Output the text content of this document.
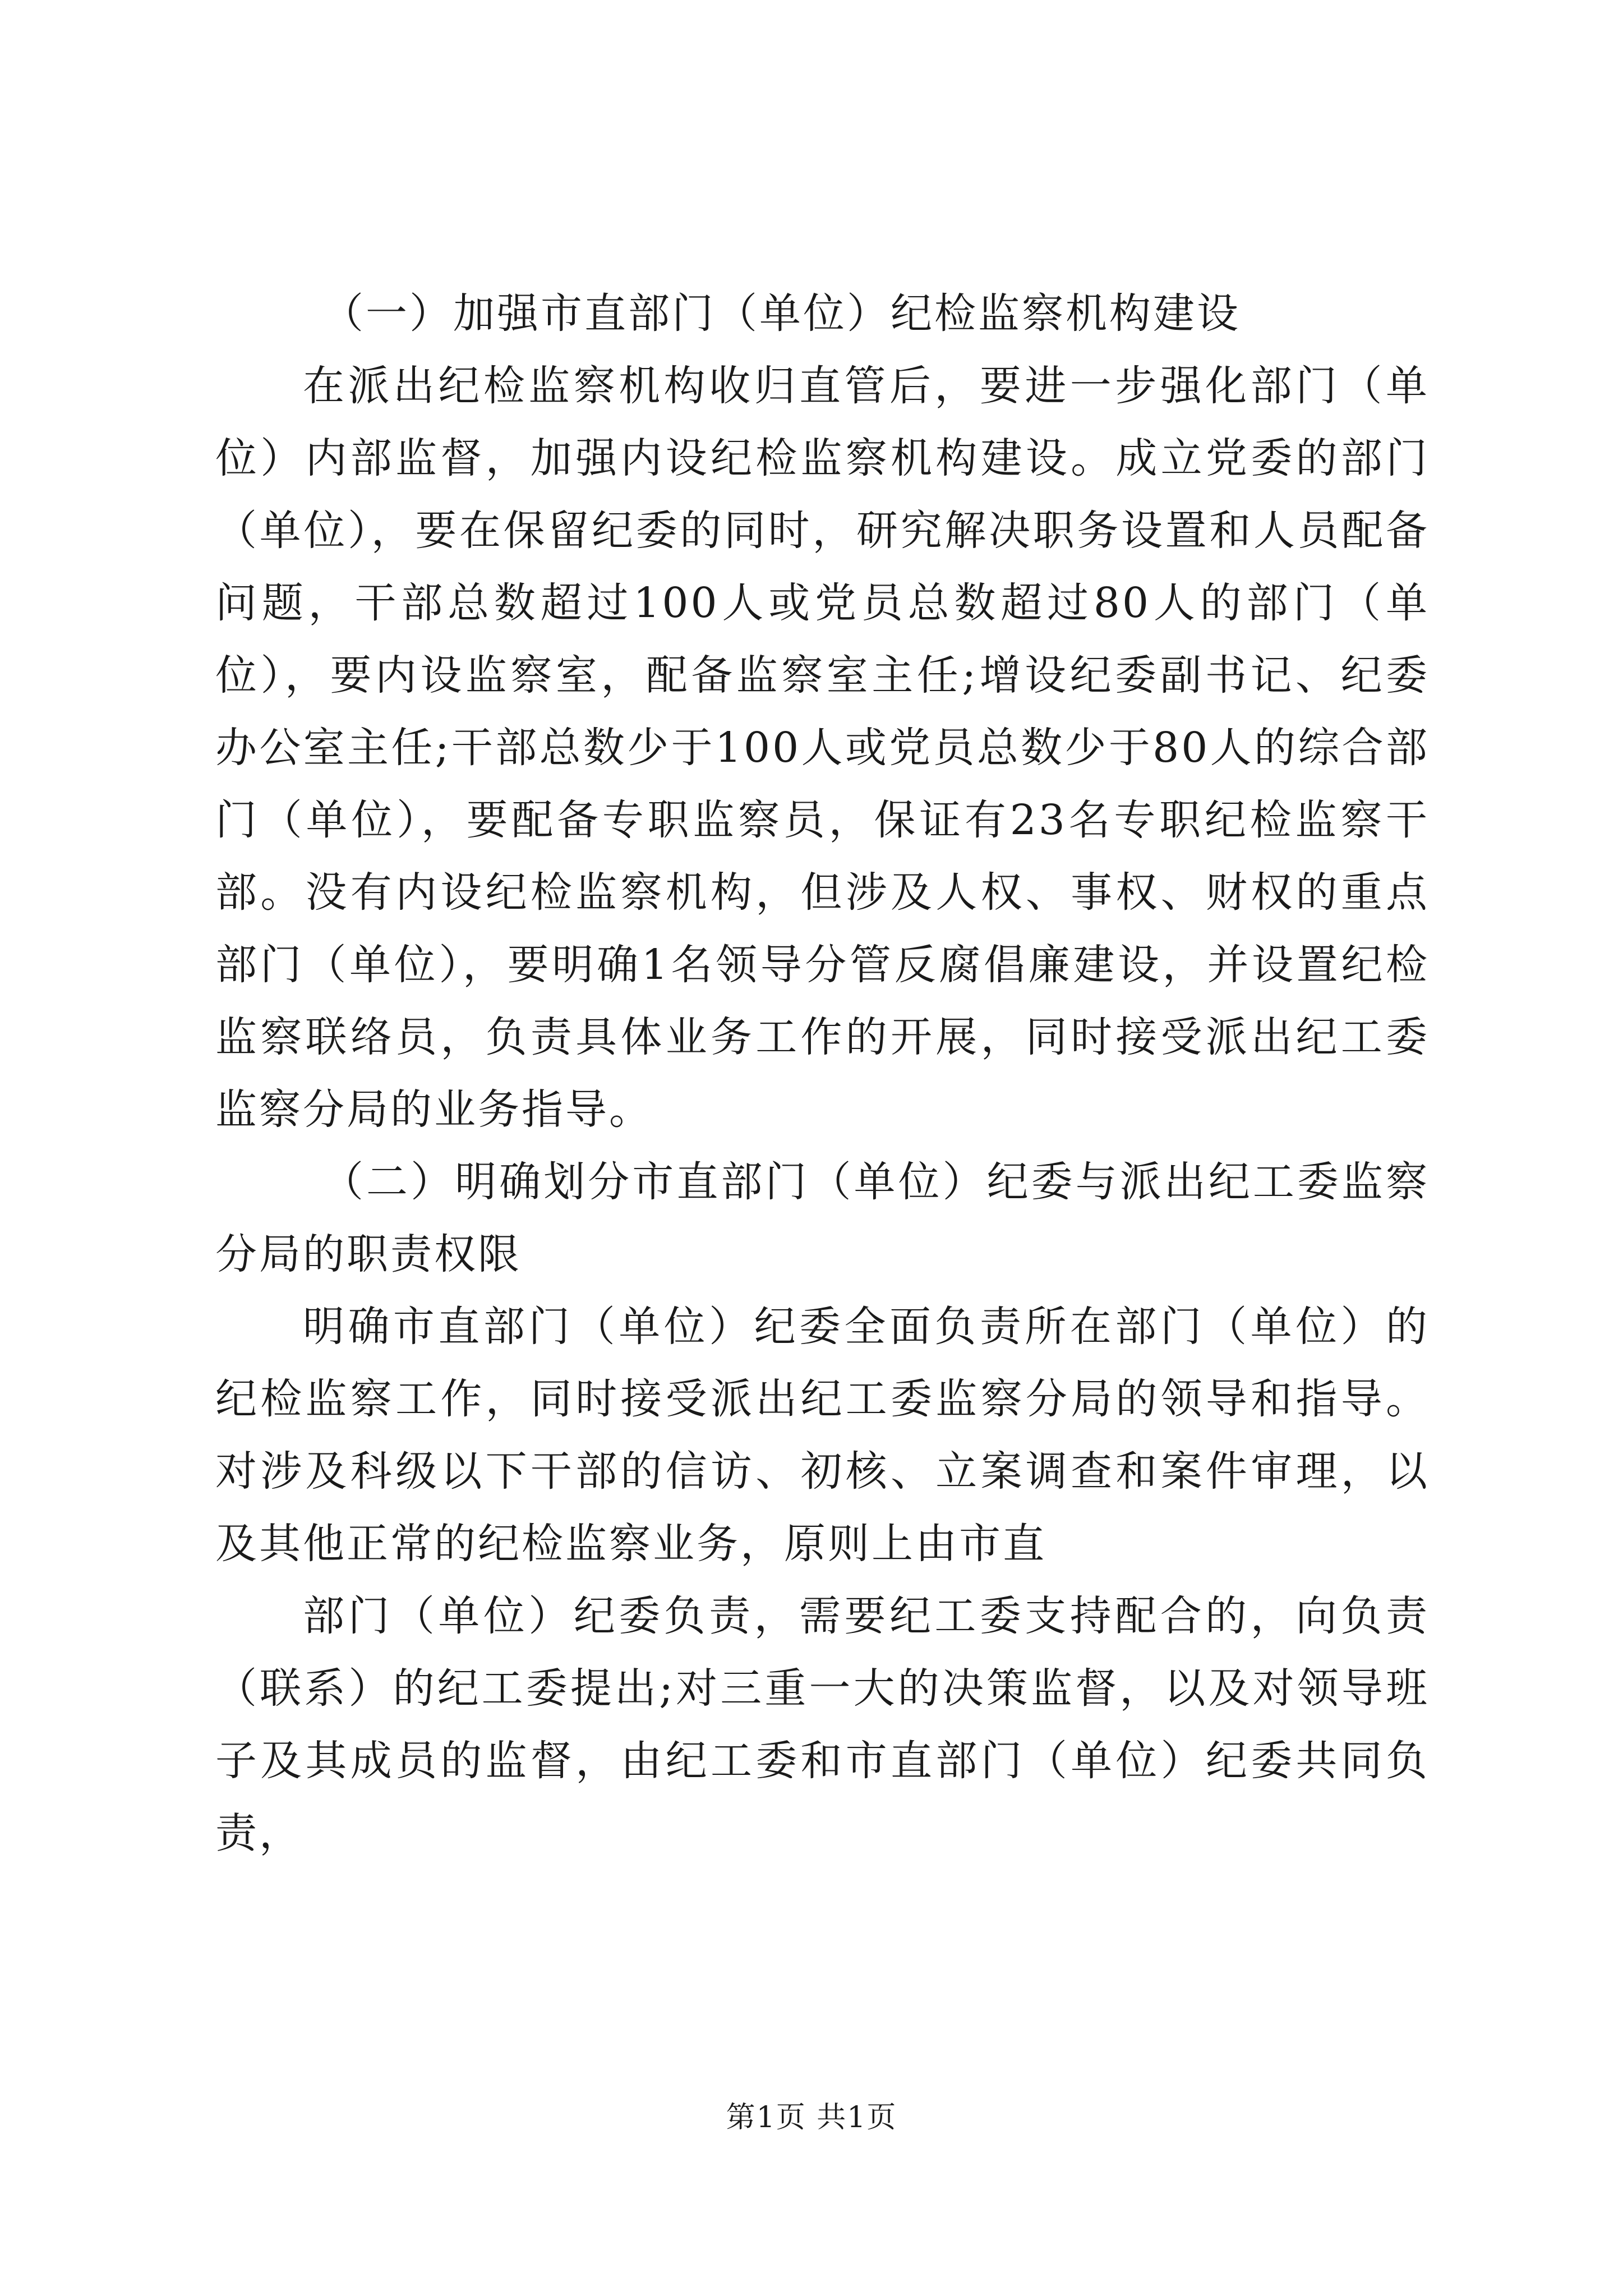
（一）加强市直部门（单位）纪检监察机构建设

在派出纪检监察机构收归直管后，要进一步强化部门（单位）内部监督，加强内设纪检监察机构建设。成立党委的部门（单位），要在保留纪委的同时，研究解决职务设置和人员配备问题，干部总数超过100人或党员总数超过80人的部门（单位），要内设监察室，配备监察室主任;增设纪委副书记、纪委办公室主任;干部总数少于100人或党员总数少于80人的综合部门（单位），要配备专职监察员，保证有23名专职纪检监察干部。没有内设纪检监察机构，但涉及人权、事权、财权的重点部门（单位），要明确1名领导分管反腐倡廉建设，并设置纪检监察联络员，负责具体业务工作的开展，同时接受派出纪工委监察分局的业务指导。

（二）明确划分市直部门（单位）纪委与派出纪工委监察分局的职责权限

明确市直部门（单位）纪委全面负责所在部门（单位）的纪检监察工作，同时接受派出纪工委监察分局的领导和指导。对涉及科级以下干部的信访、初核、立案调查和案件审理，以及其他正常的纪检监察业务，原则上由市直

部门（单位）纪委负责，需要纪工委支持配合的，向负责（联系）的纪工委提出;对三重一大的决策监督，以及对领导班子及其成员的监督，由纪工委和市直部门（单位）纪委共同负责，

第1页 共1页
